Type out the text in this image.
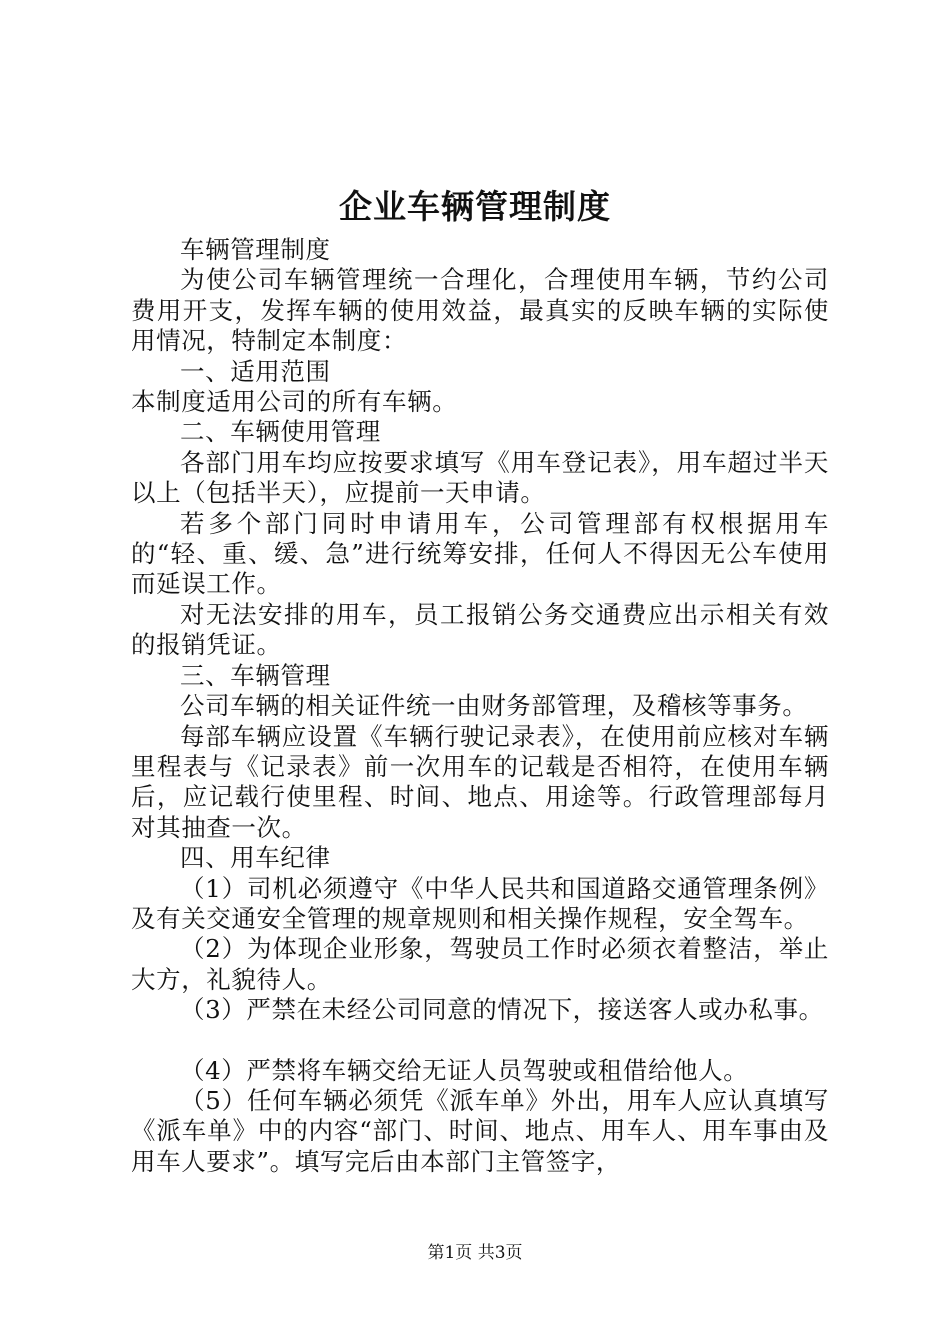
企业车辆管理制度

车辆管理制度

为使公司车辆管理统一合理化，合理使用车辆，节约公司费用开支，发挥车辆的使用效益，最真实的反映车辆的实际使用情况，特制定本制度：

一、适用范围

本制度适用公司的所有车辆。

二、车辆使用管理

各部门用车均应按要求填写《用车登记表》，用车超过半天以上（包括半天），应提前一天申请。

若多个部门同时申请用车，公司管理部有权根据用车的“轻、重、缓、急”进行统筹安排，任何人不得因无公车使用而延误工作。

对无法安排的用车，员工报销公务交通费应出示相关有效的报销凭证。

三、车辆管理

公司车辆的相关证件统一由财务部管理，及稽核等事务。

每部车辆应设置《车辆行驶记录表》，在使用前应核对车辆里程表与《记录表》前一次用车的记载是否相符，在使用车辆后，应记载行使里程、时间、地点、用途等。行政管理部每月对其抽查一次。

四、用车纪律

（1）司机必须遵守《中华人民共和国道路交通管理条例》及有关交通安全管理的规章规则和相关操作规程，安全驾车。

（2）为体现企业形象，驾驶员工作时必须衣着整洁，举止大方，礼貌待人。

（3）严禁在未经公司同意的情况下，接送客人或办私事。

（4）严禁将车辆交给无证人员驾驶或租借给他人。

（5）任何车辆必须凭《派车单》外出，用车人应认真填写《派车单》中的内容“部门、时间、地点、用车人、用车事由及用车人要求”。填写完后由本部门主管签字，

第1页 共3页
